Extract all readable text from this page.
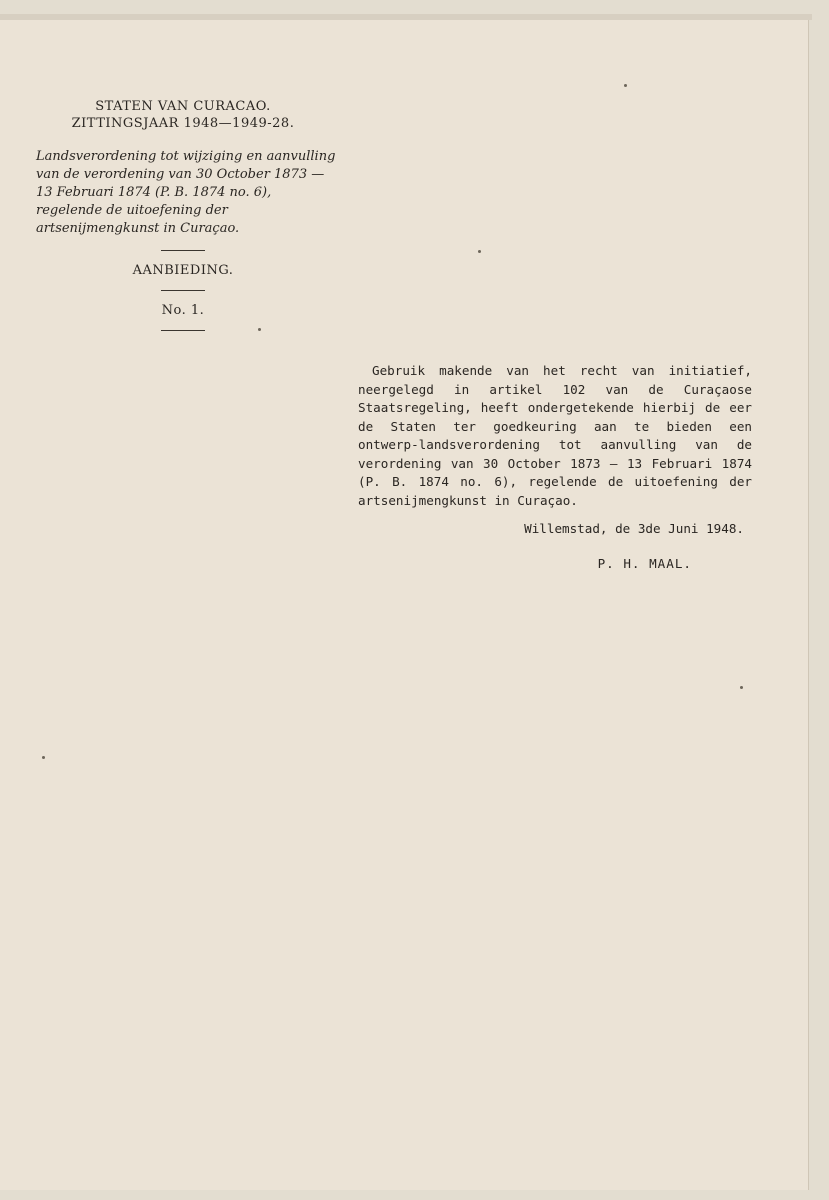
STATEN VAN CURACAO.
ZITTINGSJAAR 1948—1949-28.
Landsverordening tot wijziging en aanvulling van de verordening van 30 October 1873 — 13 Februari 1874 (P. B. 1874 no. 6), regelende de uitoefening der artsenijmengkunst in Curaçao.
AANBIEDING.
No. 1.
Gebruik makende van het recht van initiatief, neergelegd in artikel 102 van de Curaçaose Staatsregeling, heeft ondergetekende hierbij de eer de Staten ter goedkeuring aan te bieden een ontwerp-landsverordening tot aanvulling van de verordening van 30 October 1873 — 13 Februari 1874 (P. B. 1874 no. 6), regelende de uitoefening der artsenijmengkunst in Curaçao.
Willemstad, de 3de Juni 1948.
P. H. MAAL.
